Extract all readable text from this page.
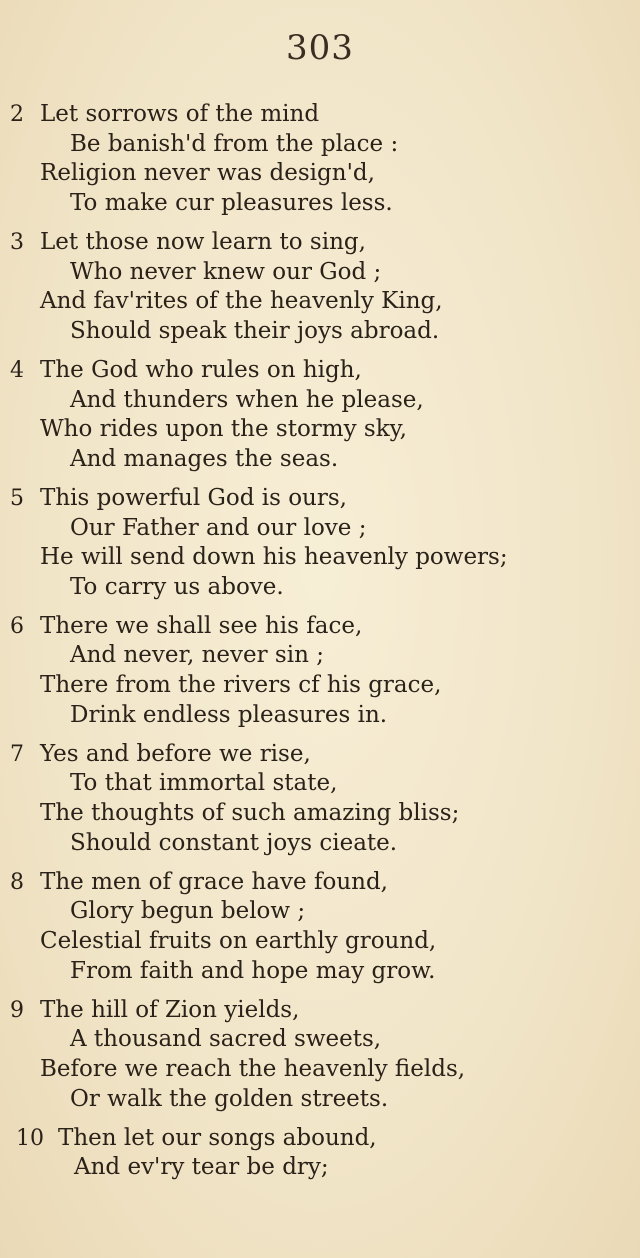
303
2 Let sorrows of the mind
Be banish'd from the place :
Religion never was design'd,
To make cur pleasures less.
3 Let those now learn to sing,
Who never knew our God ;
And fav'rites of the heavenly King,
Should speak their joys abroad.
4 The God who rules on high,
And thunders when he please,
Who rides upon the stormy sky,
And manages the seas.
5 This powerful God is ours,
Our Father and our love ;
He will send down his heavenly powers;
To carry us above.
6 There we shall see his face,
And never, never sin ;
There from the rivers cf his grace,
Drink endless pleasures in.
7 Yes and before we rise,
To that immortal state,
The thoughts of such amazing bliss;
Should constant joys cieate.
8 The men of grace have found,
Glory begun below ;
Celestial fruits on earthly ground,
From faith and hope may grow.
9 The hill of Zion yields,
A thousand sacred sweets,
Before we reach the heavenly fields,
Or walk the golden streets.
10 Then let our songs abound,
And ev'ry tear be dry;
